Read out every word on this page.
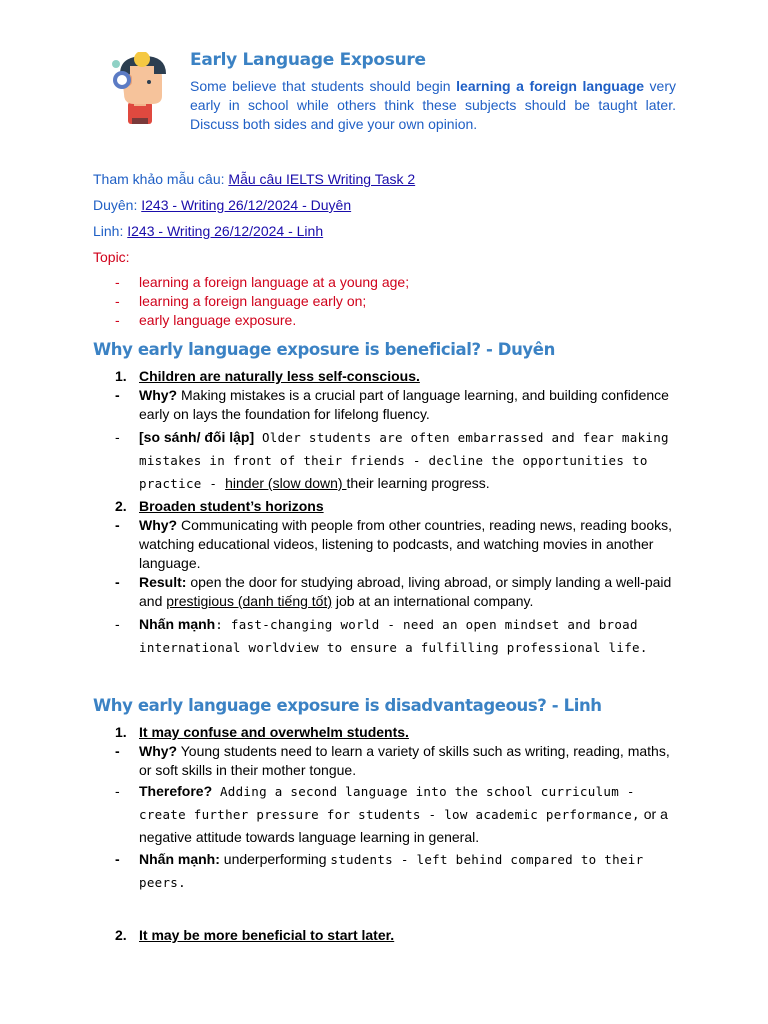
Early Language Exposure
Some believe that students should begin learning a foreign language very early in school while others think these subjects should be taught later. Discuss both sides and give your own opinion.
Tham khảo mẫu câu: Mẫu câu IELTS Writing Task 2
Duyên: I243 - Writing 26/12/2024 - Duyên
Linh: I243 - Writing 26/12/2024 - Linh
Topic:
- learning a foreign language at a young age;
- learning a foreign language early on;
- early language exposure.
Why early language exposure is beneficial? - Duyên
1. Children are naturally less self-conscious.
- Why? Making mistakes is a crucial part of language learning, and building confidence early on lays the foundation for lifelong fluency.
- [so sánh/ đối lập] Older students are often embarrassed and fear making mistakes in front of their friends - decline the opportunities to practice - hinder (slow down) their learning progress.
2. Broaden student’s horizons
- Why? Communicating with people from other countries, reading news, reading books, watching educational videos, listening to podcasts, and watching movies in another language.
- Result: open the door for studying abroad, living abroad, or simply landing a well-paid and prestigious (danh tiếng tốt) job at an international company.
- Nhấn mạnh: fast-changing world - need an open mindset and broad international worldview to ensure a fulfilling professional life.
Why early language exposure is disadvantageous? - Linh
1. It may confuse and overwhelm students.
- Why? Young students need to learn a variety of skills such as writing, reading, maths, or soft skills in their mother tongue.
- Therefore? Adding a second language into the school curriculum - create further pressure for students - low academic performance, or a negative attitude towards language learning in general.
- Nhấn mạnh: underperforming students - left behind compared to their peers.
2. It may be more beneficial to start later.
